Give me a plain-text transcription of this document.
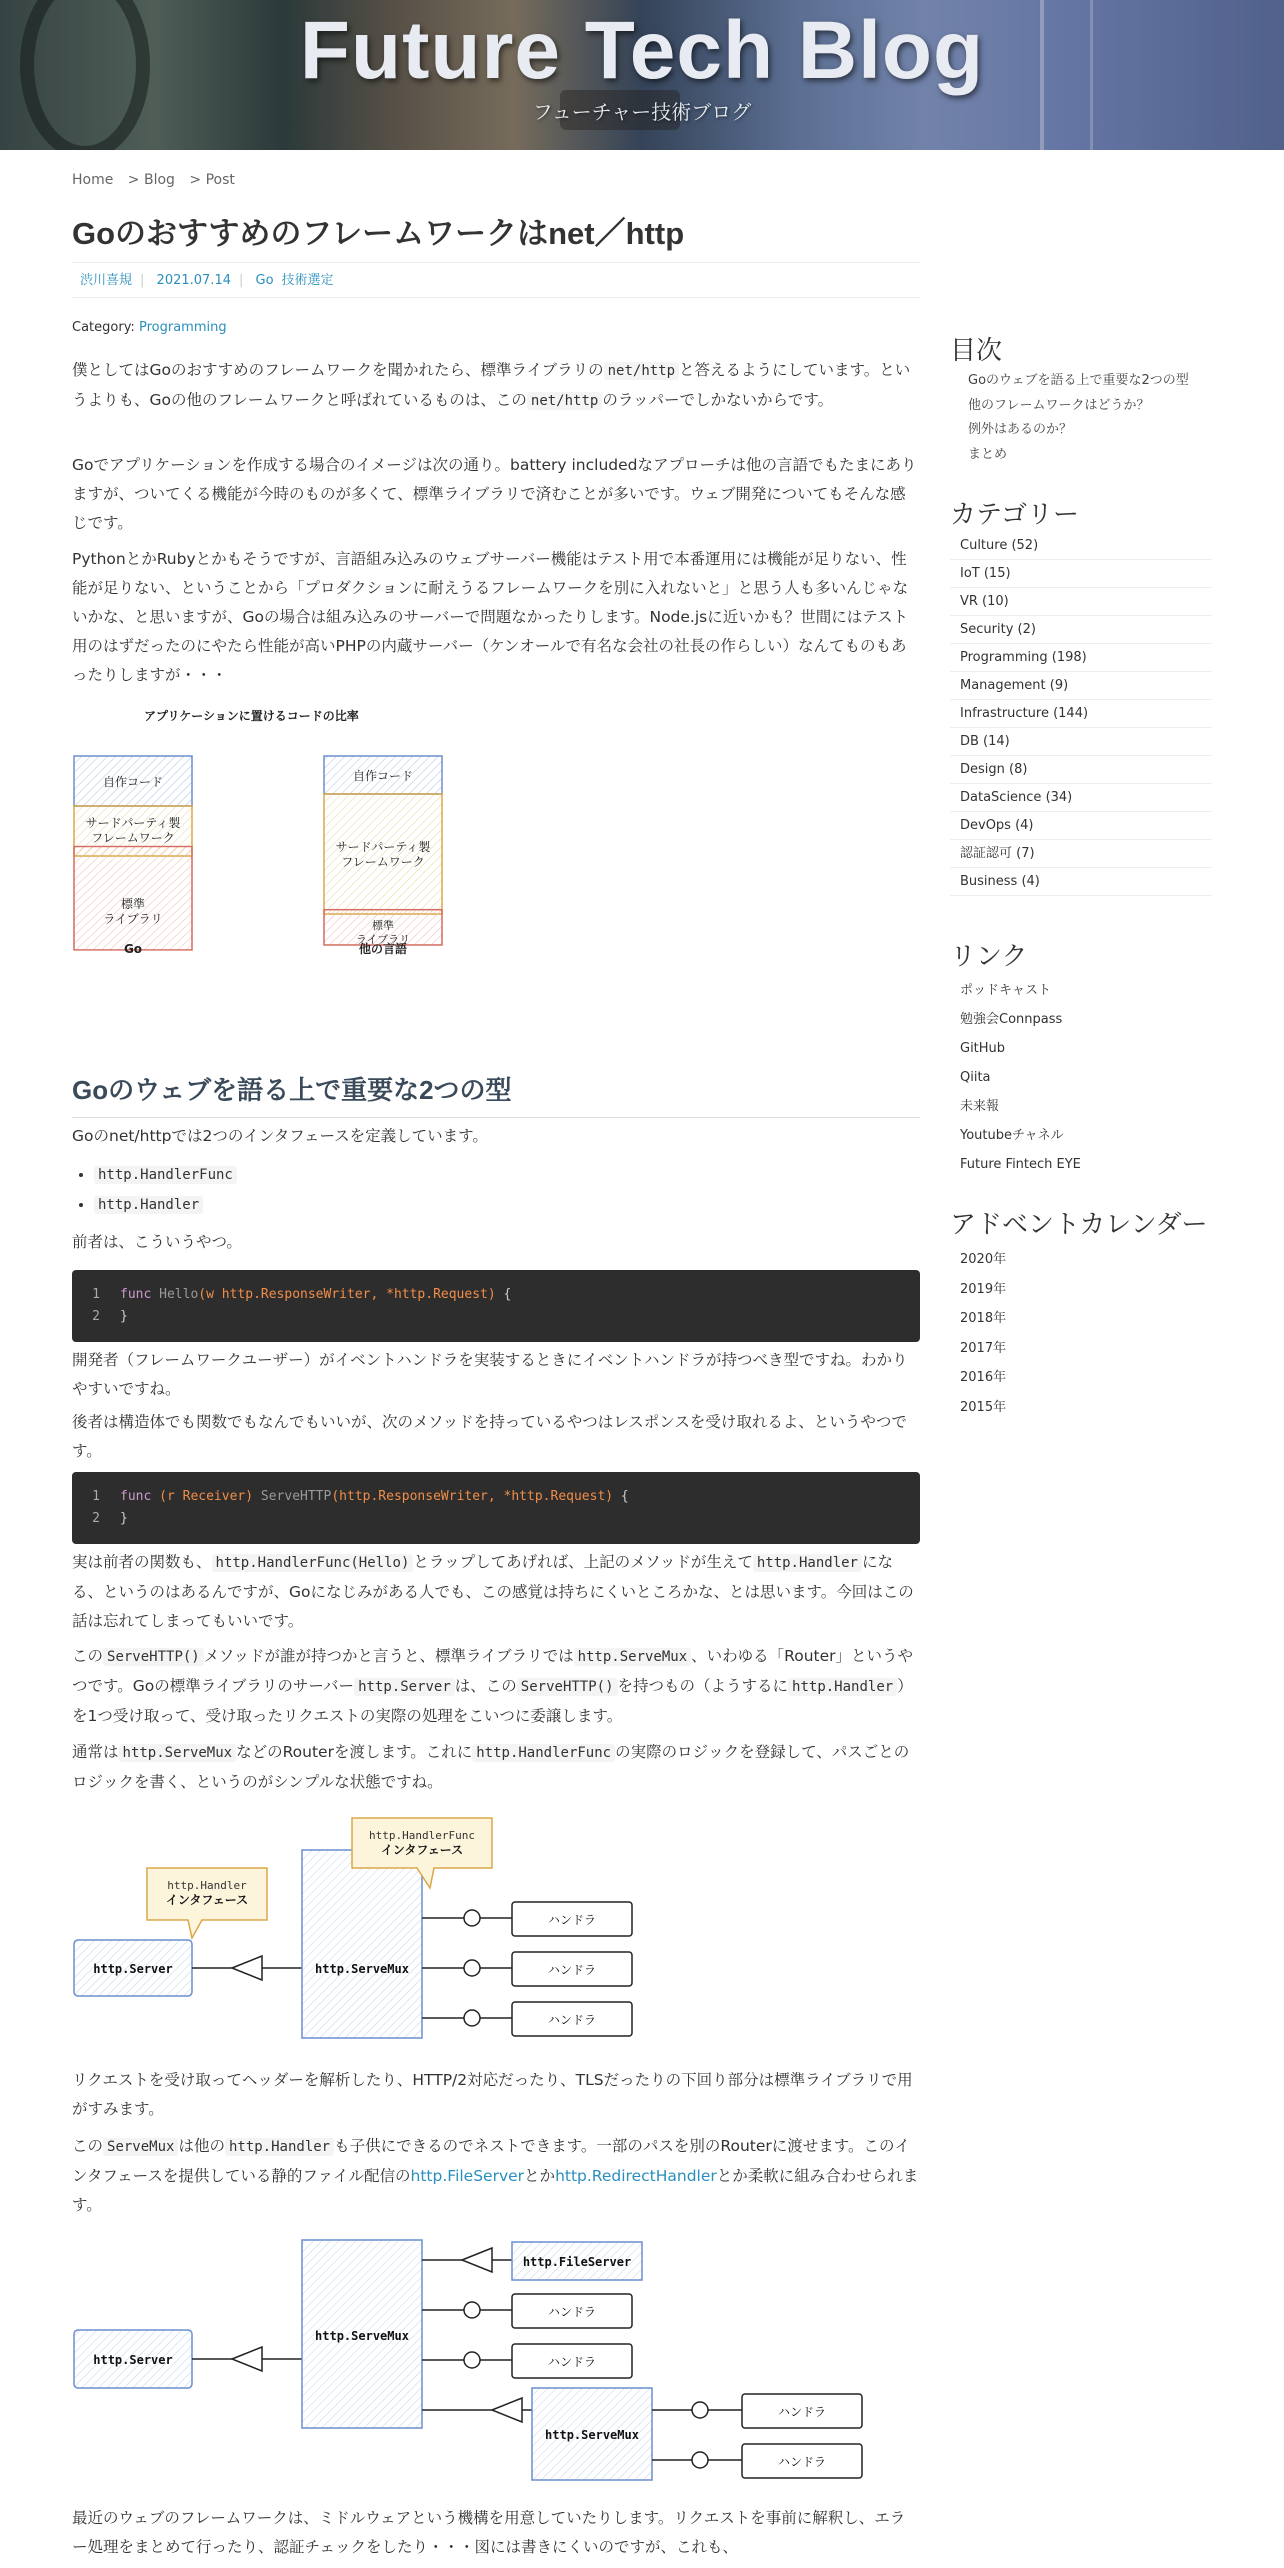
Future Tech Blog
フューチャー技術ブログ
Home > Blog > Post
Goのおすすめのフレームワークはnet／http
渋川喜規 | 2021.07.14 | Go 技術選定
Category: Programming
僕としてはGoのおすすめのフレームワークを聞かれたら、標準ライブラリの net/http と答えるようにしています。というよりも、Goの他のフレームワークと呼ばれているものは、この net/http のラッパーでしかないからです。
Goでアプリケーションを作成する場合のイメージは次の通り。battery includedなアプローチは他の言語でもたまにありますが、ついてくる機能が今時のものが多くて、標準ライブラリで済むことが多いです。ウェブ開発についてもそんな感じです。
PythonとかRubyとかもそうですが、言語組み込みのウェブサーバー機能はテスト用で本番運用には機能が足りない、性能が足りない、ということから「プロダクションに耐えうるフレームワークを別に入れないと」と思う人も多いんじゃないかな、と思いますが、Goの場合は組み込みのサーバーで問題なかったりします。Node.jsに近いかも？世間にはテスト用のはずだったのにやたら性能が高いPHPの内蔵サーバー（ケンオールで有名な会社の社長の作らしい）なんてものもあったりしますが・・・
アプリケーションに置けるコードの比率
自作コード
サードパーティ製
フレームワーク
標準
ライブラリ
Go
自作コード
サードパーティ製
フレームワーク
標準
ライブラリ
他の言語
Goのウェブを語る上で重要な2つの型
Goのnet/httpでは2つのインタフェースを定義しています。
• http.HandlerFunc
• http.Handler
前者は、こういうやつ。
1 func Hello(w http.ResponseWriter, *http.Request) {
2 }
開発者（フレームワークユーザー）がイベントハンドラを実装するときにイベントハンドラが持つべき型ですね。わかりやすいですね。
後者は構造体でも関数でもなんでもいいが、次のメソッドを持っているやつはレスポンスを受け取れるよ、というやつです。
1 func (r Receiver) ServeHTTP(http.ResponseWriter, *http.Request) {
2 }
実は前者の関数も、 http.HandlerFunc(Hello) とラップしてあげれば、上記のメソッドが生えて http.Handler になる、というのはあるんですが、Goになじみがある人でも、この感覚は持ちにくいところかな、とは思います。今回はこの話は忘れてしまってもいいです。
この ServeHTTP() メソッドが誰が持つかと言うと、標準ライブラリでは http.ServeMux 、いわゆる「Router」というやつです。Goの標準ライブラリのサーバー http.Server は、この ServeHTTP() を持つもの（ようするに http.Handler ）を1つ受け取って、受け取ったリクエストの実際の処理をこいつに委譲します。
通常は http.ServeMux などのRouterを渡します。これに http.HandlerFunc の実際のロジックを登録して、パスごとのロジックを書く、というのがシンプルな状態ですね。
http.Server	http.ServeMux
http.Handler
インタフェース
http.HandlerFunc
インタフェース
ハンドラ
ハンドラ
ハンドラ
リクエストを受け取ってヘッダーを解析したり、HTTP/2対応だったり、TLSだったりの下回り部分は標準ライブラリで用がすみます。
この ServeMux は他の http.Handler も子供にできるのでネストできます。一部のパスを別のRouterに渡せます。このインタフェースを提供している静的ファイル配信のhttp.FileServerとかhttp.RedirectHandlerとか柔軟に組み合わせられます。
http.Server
http.ServeMux
http.FileServer
ハンドラ
ハンドラ
http.ServeMux
ハンドラ
ハンドラ
最近のウェブのフレームワークは、ミドルウェアという機構を用意していたりします。リクエストを事前に解釈し、エラー処理をまとめて行ったり、認証チェックをしたり・・・図には書きにくいのですが、これも、
目次
Goのウェブを語る上で重要な2つの型
他のフレームワークはどうか？
例外はあるのか？
まとめ
カテゴリー
Culture (52)
IoT (15)
VR (10)
Security (2)
Programming (198)
Management (9)
Infrastructure (144)
DB (14)
Design (8)
DataScience (34)
DevOps (4)
認証認可 (7)
Business (4)
リンク
ポッドキャスト
勉強会Connpass
GitHub
Qiita
未来報
Youtubeチャネル
Future Fintech EYE
アドベントカレンダー
2020年
2019年
2018年
2017年
2016年
2015年
